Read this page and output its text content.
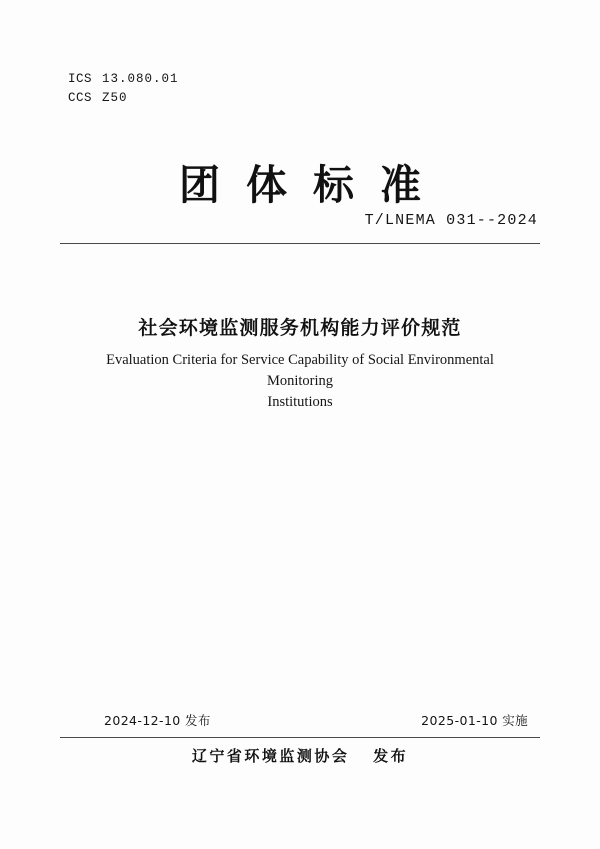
ICS 13.080.01
CCS Z50
团体标准
T/LNEMA 031--2024
社会环境监测服务机构能力评价规范
Evaluation Criteria for Service Capability of Social Environmental Monitoring
Institutions
2024-12-10 发布	2025-01-10 实施
辽宁省环境监测协会 发布
